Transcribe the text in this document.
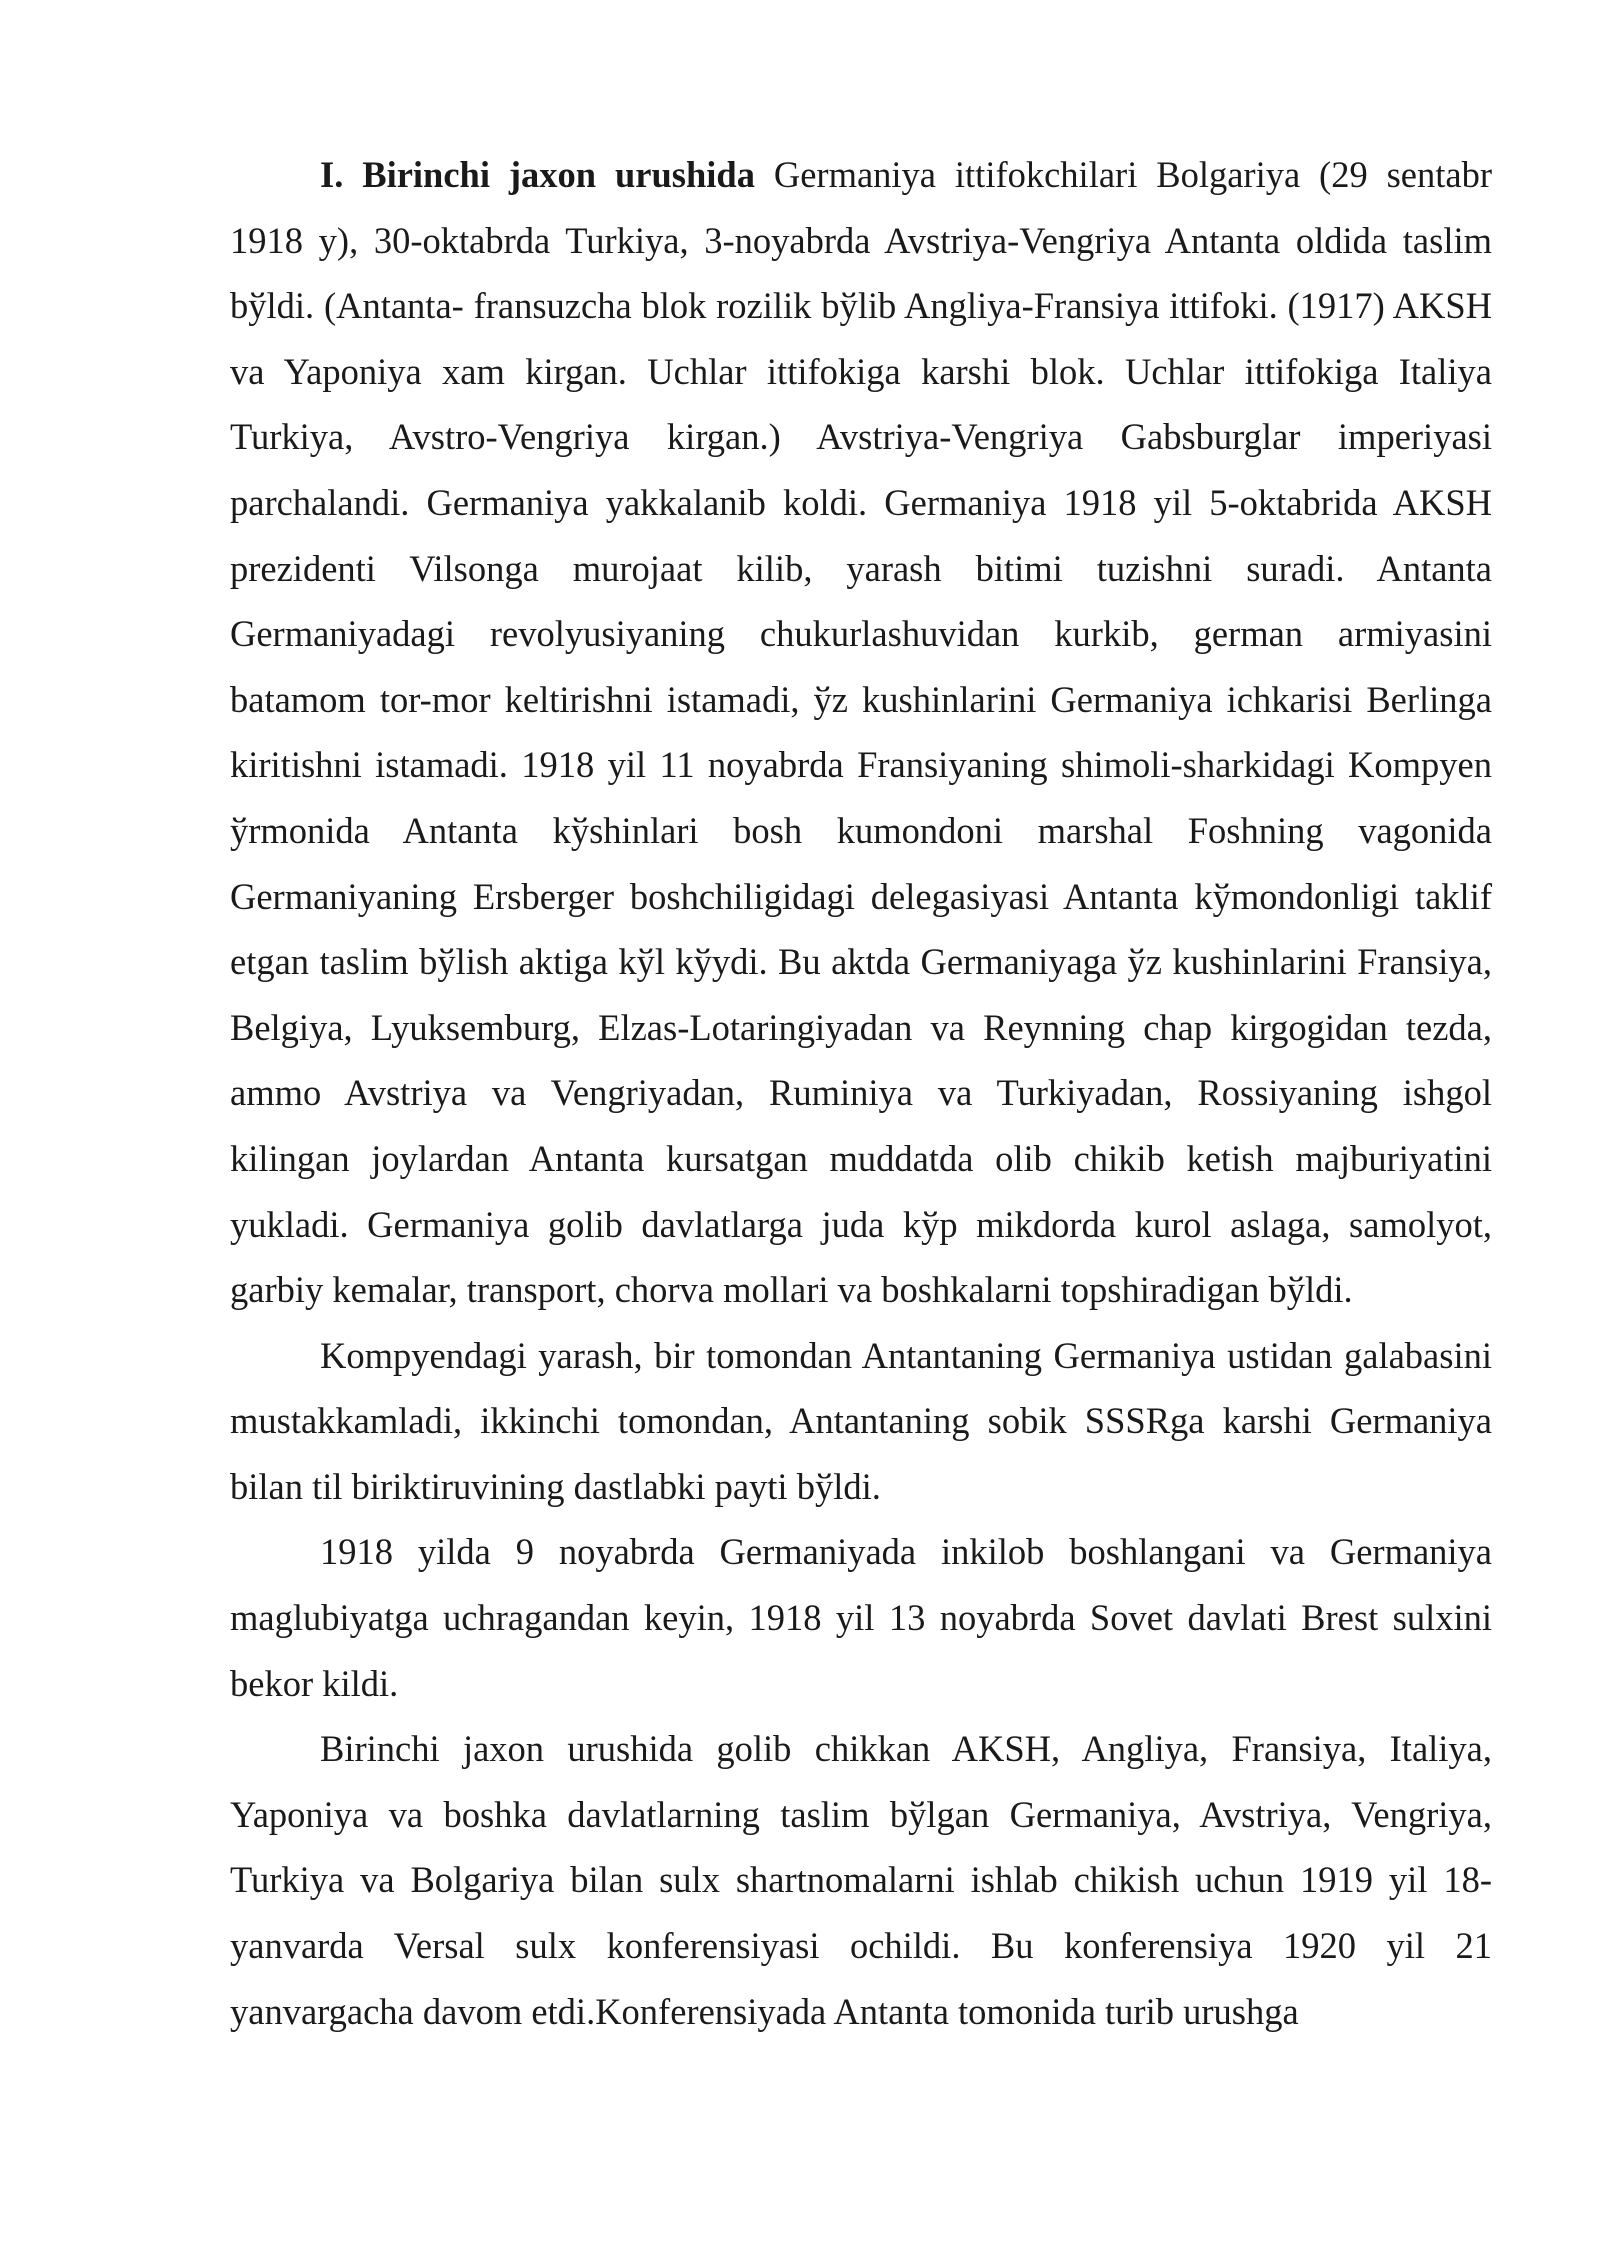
I. Birinchi jaxon urushida Germaniya ittifokchilari Bolgariya (29 sentabr 1918 y), 30-oktabrda Turkiya, 3-noyabrda Avstriya-Vengriya Antanta oldida taslim bўldi. (Antanta- fransuzcha blok rozilik bўlib Angliya-Fransiya ittifoki. (1917) AKSH va Yaponiya xam kirgan. Uchlar ittifokiga karshi blok. Uchlar ittifokiga Italiya Turkiya, Avstro-Vengriya kirgan.) Avstriya-Vengriya Gabsburglar imperiyasi parchalandi. Germaniya yakkalanib koldi. Germaniya 1918 yil 5-oktabrida AKSH prezidenti Vilsonga murojaat kilib, yarash bitimi tuzishni suradi. Antanta Germaniyadagi revolyusiyaning chukurlashuvidan kurkib, german armiyasini batamom tor-mor keltirishni istamadi, ўz kushinlarini Germaniya ichkarisi Berlinga kiritishni istamadi. 1918 yil 11 noyabrda Fransiyaning shimoli-sharkidagi Kompyen ўrmonida Antanta kўshinlari bosh kumondoni marshal Foshning vagonida Germaniyaning Ersberger boshchiligidagi delegasiyasi Antanta kўmondonligi taklif etgan taslim bўlish aktiga kўl kўydi. Bu aktda Germaniyaga ўz kushinlarini Fransiya, Belgiya, Lyuksemburg, Elzas-Lotaringiyadan va Reynning chap kirgogidan tezda, ammo Avstriya va Vengriyadan, Ruminiya va Turkiyadan, Rossiyaning ishgol kilingan joylardan Antanta kursatgan muddatda olib chikib ketish majburiyatini yukladi. Germaniya golib davlatlarga juda kўp mikdorda kurol aslaga, samolyot, garbiy kemalar, transport, chorva mollari va boshkalarni topshiradigan bўldi.

Kompyendagi yarash, bir tomondan Antantaning Germaniya ustidan galabasini mustakkamladi, ikkinchi tomondan, Antantaning sobik SSSRga karshi Germaniya bilan til biriktiruvining dastlabki payti bўldi.

1918 yilda 9 noyabrda Germaniyada inkilob boshlangani va Germaniya maglubiyatga uchragandan keyin, 1918 yil 13 noyabrda Sovet davlati Brest sulxini bekor kildi.

Birinchi jaxon urushida golib chikkan AKSH, Angliya, Fransiya, Italiya, Yaponiya va boshka davlatlarning taslim bўlgan Germaniya, Avstriya, Vengriya, Turkiya va Bolgariya bilan sulx shartnomalarni ishlab chikish uchun 1919 yil 18-yanvarda Versal sulx konferensiyasi ochildi. Bu konferensiya 1920 yil 21 yanvargacha davom etdi.Konferensiyada Antanta tomonida turib urushga
